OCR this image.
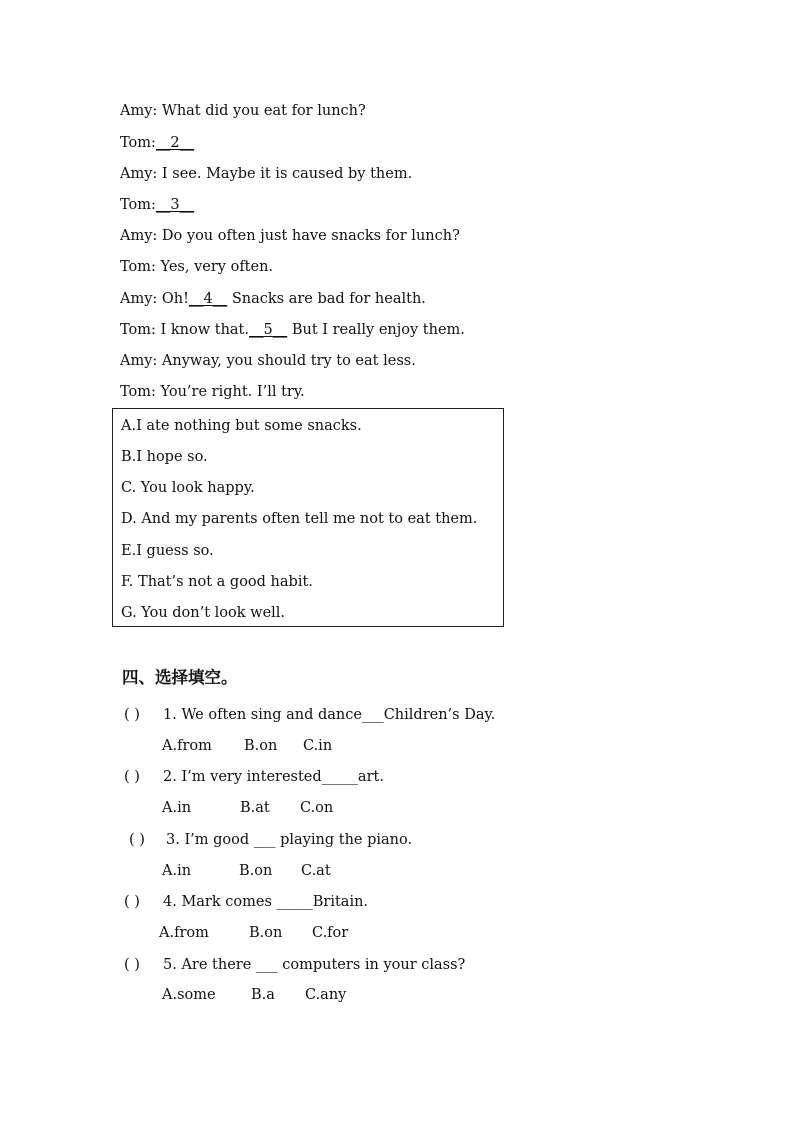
Amy: What did you eat for lunch?
Tom:__2__
Amy: I see. Maybe it is caused by them.
Tom:__3__
Amy: Do you often just have snacks for lunch?
Tom: Yes, very often.
Amy: Oh!__4__ Snacks are bad for health.
Tom: I know that.__5__ But I really enjoy them.
Amy: Anyway, you should try to eat less.
Tom: You’re right. I’ll try.
A.I ate nothing but some snacks.
B.I hope so.
C. You look happy.
D. And my parents often tell me not to eat them.
E.I guess so.
F. That’s not a good habit.
G. You don’t look well.
四、选择填空。
( ) 1. We often sing and dance___Children’s Day.
A.from B.on C.in
( ) 2. I’m very interested_____art.
A.in	B.at C.on
( ) 3. I’m good ___ playing the piano.
A.in	B.on C.at
( ) 4. Mark comes _____Britain.
A.from	B.on C.for
( ) 5. Are there ___ computers in your class?
A.some B.a C.any
